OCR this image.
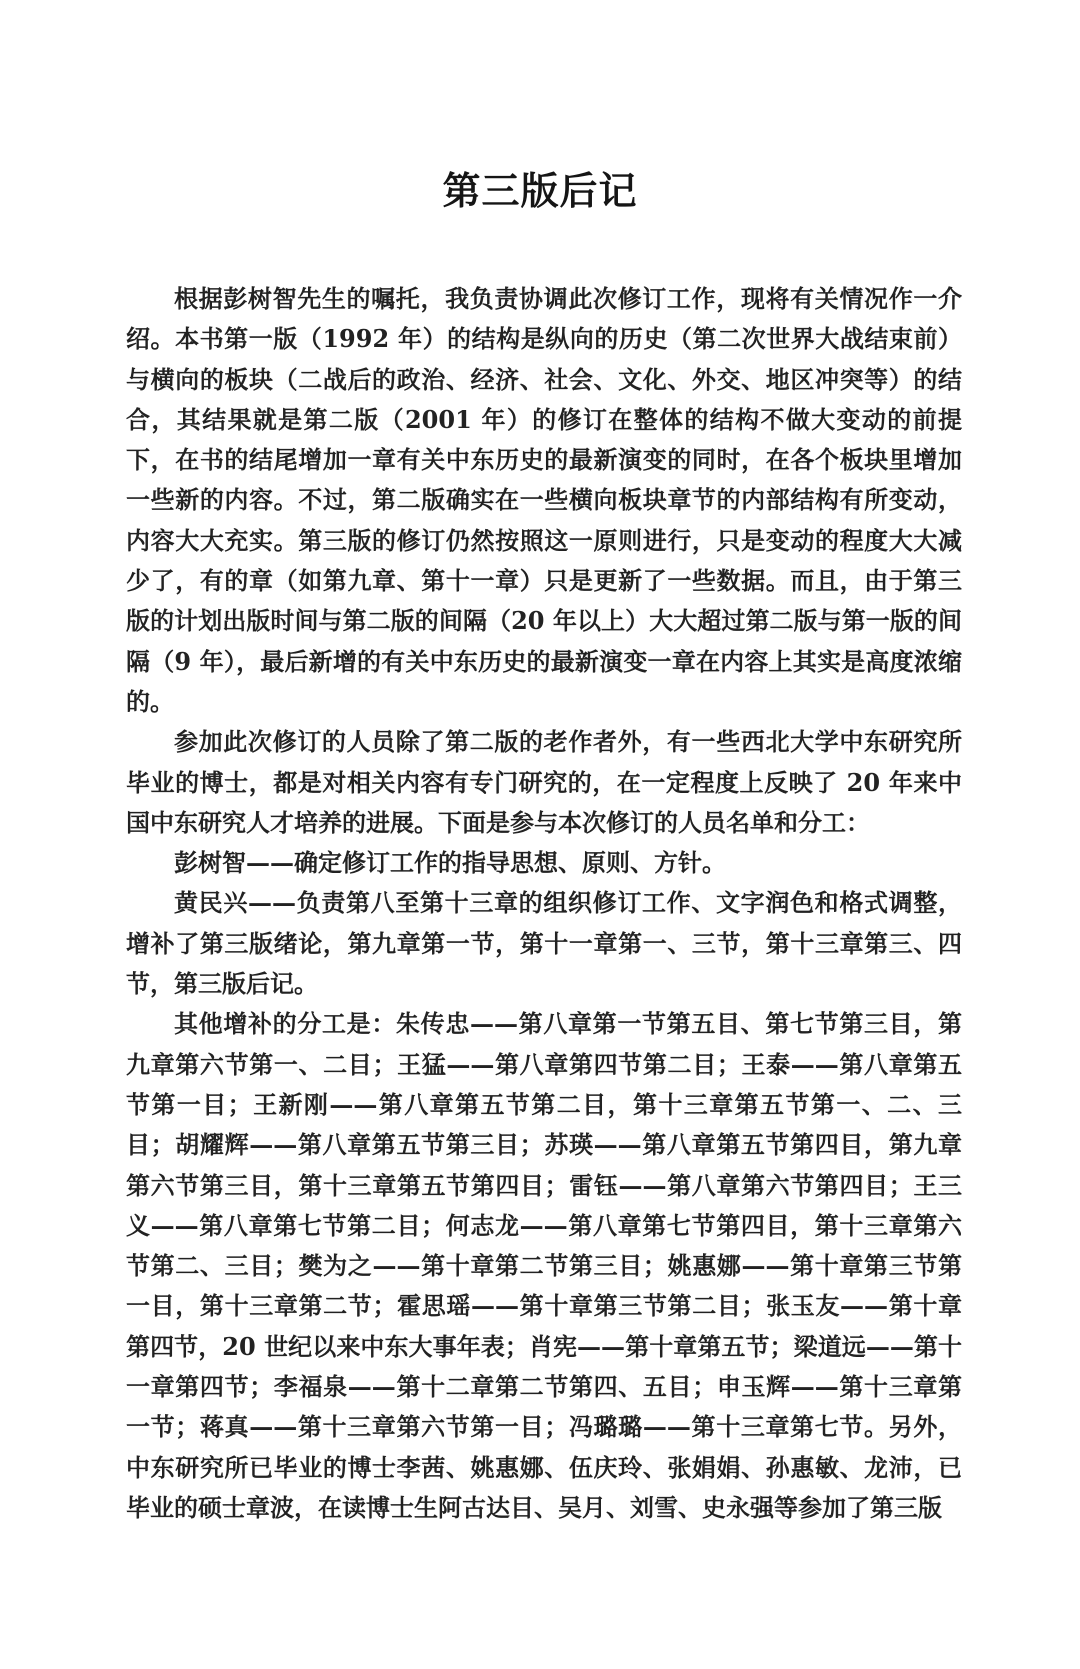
第三版后记

根据彭树智先生的嘱托，我负责协调此次修订工作，现将有关情况作一介绍。本书第一版（1992 年）的结构是纵向的历史（第二次世界大战结束前）与横向的板块（二战后的政治、经济、社会、文化、外交、地区冲突等）的结合，其结果就是第二版（2001 年）的修订在整体的结构不做大变动的前提下，在书的结尾增加一章有关中东历史的最新演变的同时，在各个板块里增加一些新的内容。不过，第二版确实在一些横向板块章节的内部结构有所变动，内容大大充实。第三版的修订仍然按照这一原则进行，只是变动的程度大大减少了，有的章（如第九章、第十一章）只是更新了一些数据。而且，由于第三版的计划出版时间与第二版的间隔（20 年以上）大大超过第二版与第一版的间隔（9 年），最后新增的有关中东历史的最新演变一章在内容上其实是高度浓缩的。

参加此次修订的人员除了第二版的老作者外，有一些西北大学中东研究所毕业的博士，都是对相关内容有专门研究的，在一定程度上反映了 20 年来中国中东研究人才培养的进展。下面是参与本次修订的人员名单和分工：

彭树智——确定修订工作的指导思想、原则、方针。

黄民兴——负责第八至第十三章的组织修订工作、文字润色和格式调整，增补了第三版绪论，第九章第一节，第十一章第一、三节，第十三章第三、四节，第三版后记。

其他增补的分工是：朱传忠——第八章第一节第五目、第七节第三目，第九章第六节第一、二目；王猛——第八章第四节第二目；王泰——第八章第五节第一目；王新刚——第八章第五节第二目，第十三章第五节第一、二、三目；胡耀辉——第八章第五节第三目；苏瑛——第八章第五节第四目，第九章第六节第三目，第十三章第五节第四目；雷钰——第八章第六节第四目；王三义——第八章第七节第二目；何志龙——第八章第七节第四目，第十三章第六节第二、三目；樊为之——第十章第二节第三目；姚惠娜——第十章第三节第一目，第十三章第二节；霍思瑶——第十章第三节第二目；张玉友——第十章第四节，20 世纪以来中东大事年表；肖宪——第十章第五节；梁道远——第十一章第四节；李福泉——第十二章第二节第四、五目；申玉辉——第十三章第一节；蒋真——第十三章第六节第一目；冯璐璐——第十三章第七节。另外，中东研究所已毕业的博士李茜、姚惠娜、伍庆玲、张娟娟、孙惠敏、龙沛，已毕业的硕士章波，在读博士生阿古达目、吴月、刘雪、史永强等参加了第三版
